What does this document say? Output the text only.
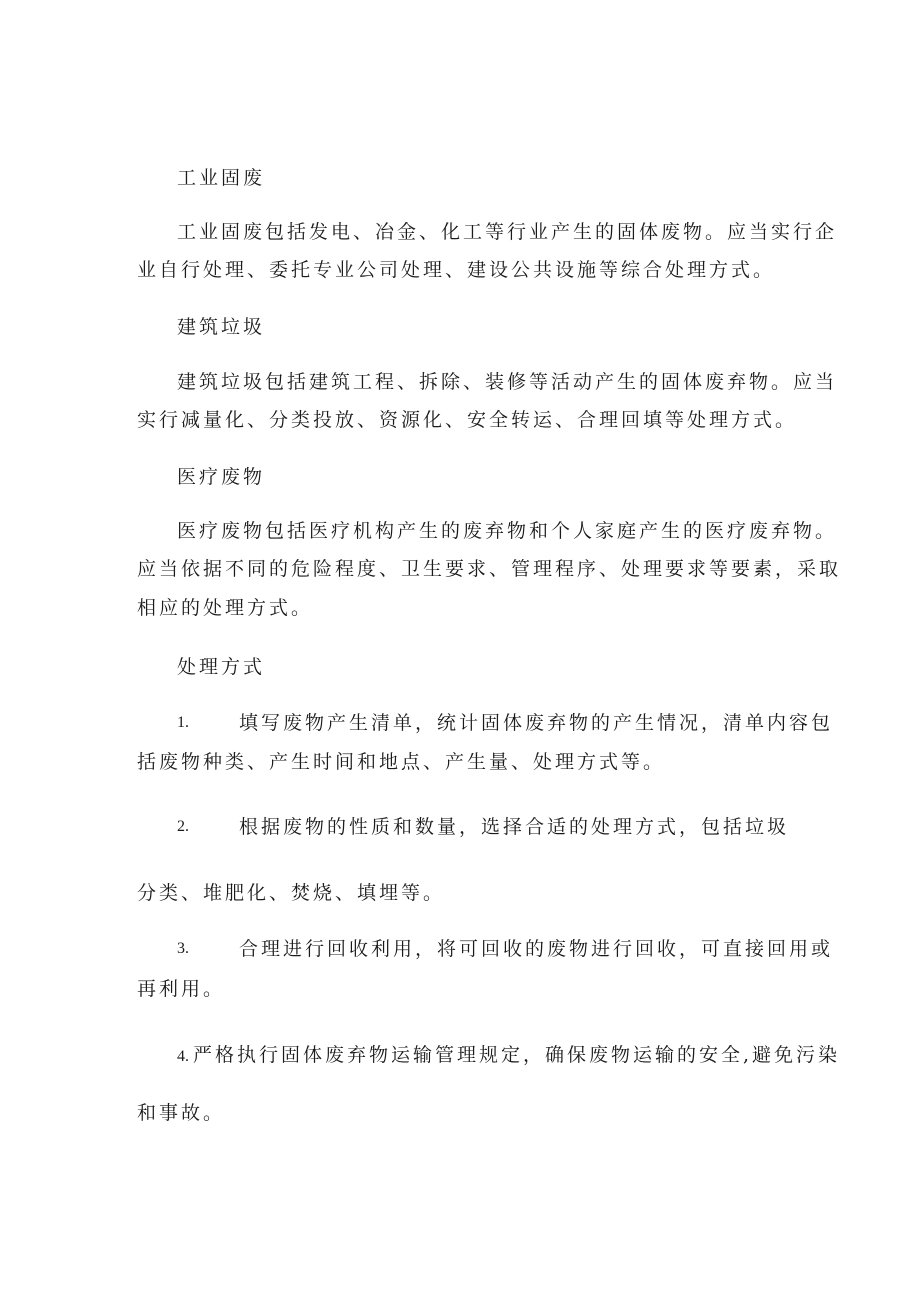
工业固废
工业固废包括发电、冶金、化工等行业产生的固体废物。应当实行企
业自行处理、委托专业公司处理、建设公共设施等综合处理方式。
建筑垃圾
建筑垃圾包括建筑工程、拆除、装修等活动产生的固体废弃物。应当
实行减量化、分类投放、资源化、安全转运、合理回填等处理方式。
医疗废物
医疗废物包括医疗机构产生的废弃物和个人家庭产生的医疗废弃物。
应当依据不同的危险程度、卫生要求、管理程序、处理要求等要素，采取
相应的处理方式。
处理方式
1.	填写废物产生清单，统计固体废弃物的产生情况，清单内容包
括废物种类、产生时间和地点、产生量、处理方式等。
2.	根据废物的性质和数量，选择合适的处理方式，包括垃圾
分类、堆肥化、焚烧、填埋等。
3.	合理进行回收利用，将可回收的废物进行回收，可直接回用或
再利用。
4. 严格执行固体废弃物运输管理规定，确保废物运输的安全,避免污染
和事故。
